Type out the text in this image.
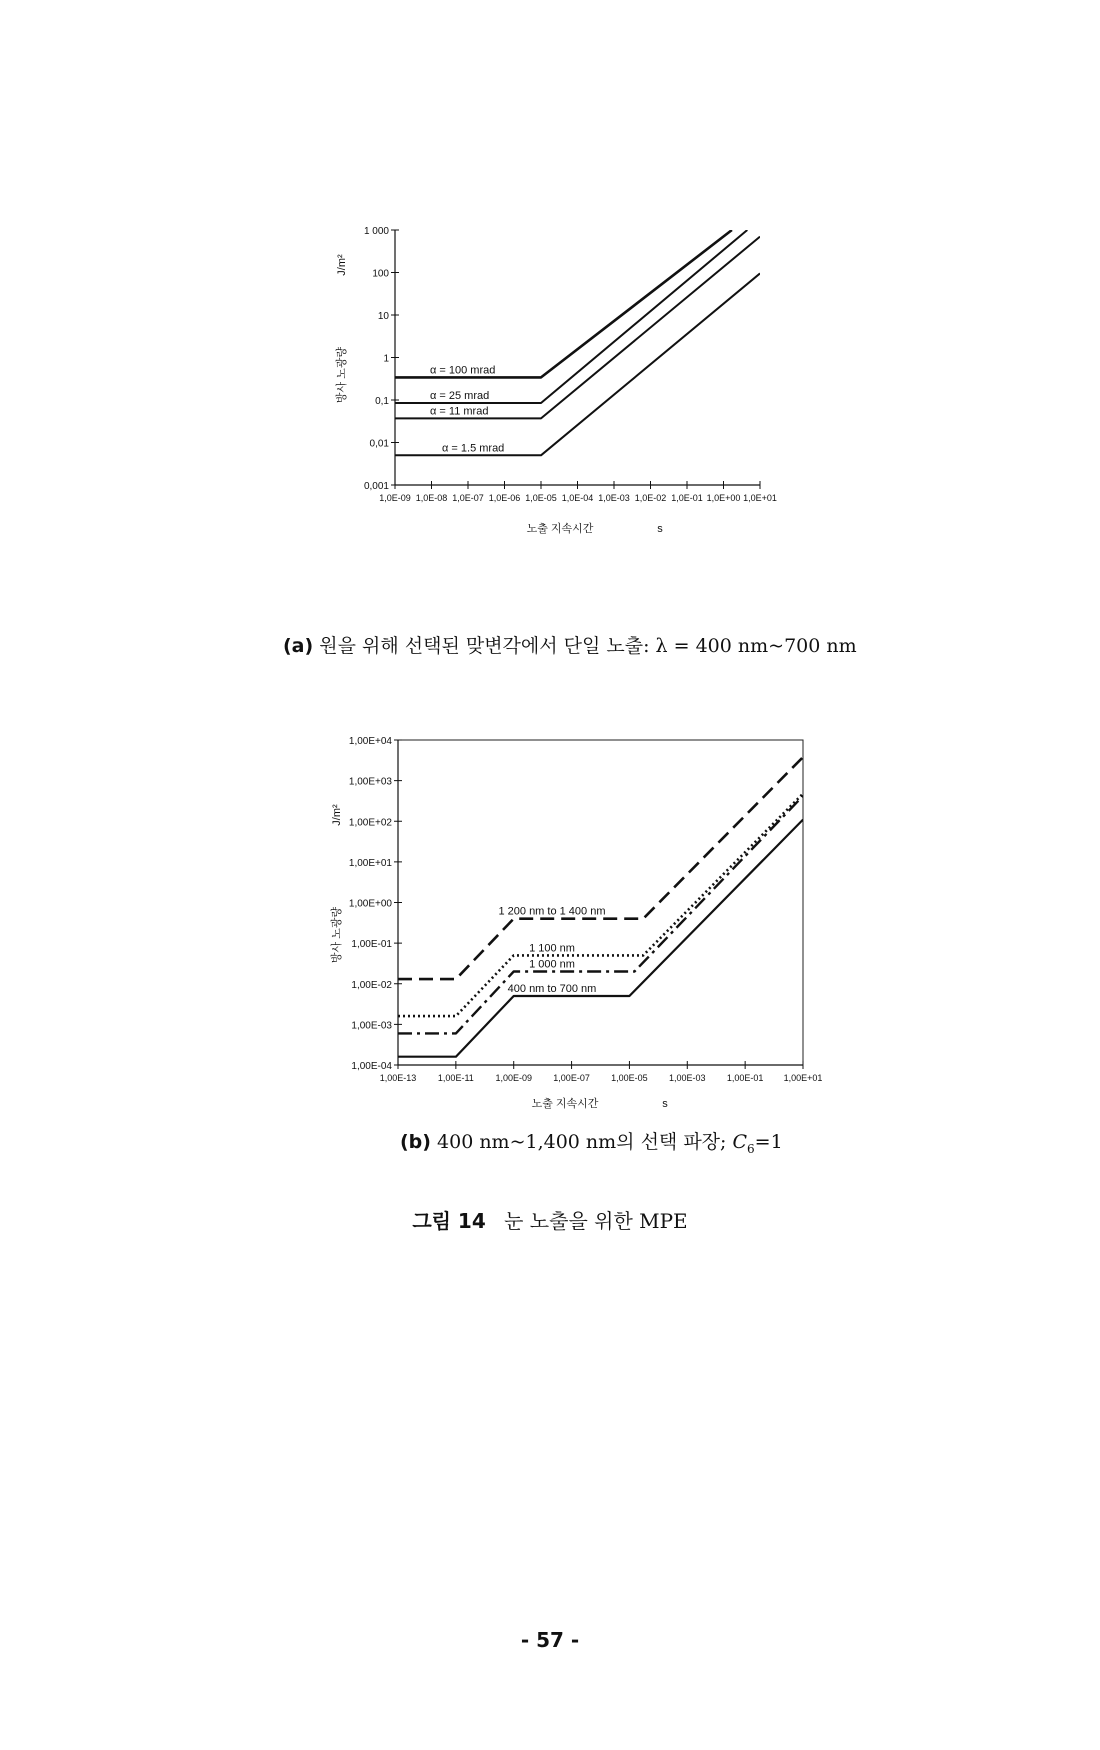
0,001
0,01
0,1
1
10
100
1 000
1,0E-09 1,0E-08 1,0E-07 1,0E-06 1,0E-05 1,0E-04 1,0E-03 1,0E-02 1,0E-01 1,0E+00 1,0E+01
α = 100 mrad
α = 25 mrad
α = 11 mrad
α = 1.5 mrad
방사 노광량
J/m²
노출 지속시간	s
(a) 원을 위해 선택된 맞변각에서 단일 노출: λ = 400 nm~700 nm
1,00E-04
1,00E-03
1,00E-02
1,00E-01
1,00E+00
1,00E+01
1,00E+02
1,00E+03
1,00E+04
1,00E-13 1,00E-11 1,00E-09 1,00E-07 1,00E-05 1,00E-03 1,00E-01 1,00E+01
1 200 nm to 1 400 nm
1 100 nm
1 000 nm
400 nm to 700 nm
방사 노광량
J/m²
노출 지속시간	s
(b) 400 nm~1,400 nm의 선택 파장; $C_6=1$
그림 14 눈 노출을 위한 MPE
- 57 -
